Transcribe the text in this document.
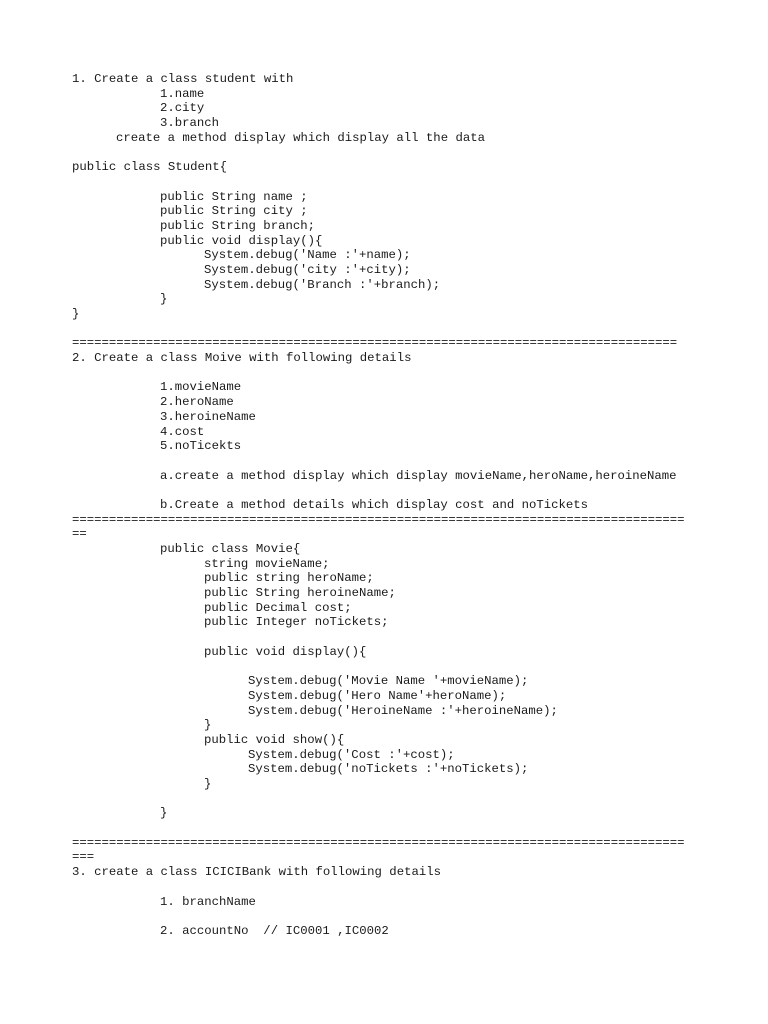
1. Create a class student with
1.name
2.city
3.branch
create a method display which display all the data
public class Student{
public String name ;
public String city ;
public String branch;
public void display(){
System.debug('Name :'+name);
System.debug('city :'+city);
System.debug('Branch :'+branch);
}
}
==================================================================================
2. Create a class Moive with following details
1.movieName
2.heroName
3.heroineName
4.cost
5.noTicekts
a.create a method display which display movieName,heroName,heroineName
b.Create a method details which display cost and noTickets
===================================================================================
==
public class Movie{
string movieName;
public string heroName;
public String heroineName;
public Decimal cost;
public Integer noTickets;
public void display(){
System.debug('Movie Name '+movieName);
System.debug('Hero Name'+heroName);
System.debug('HeroineName :'+heroineName);
}
public void show(){
System.debug('Cost :'+cost);
System.debug('noTickets :'+noTickets);
}
}
===================================================================================
===
3. create a class ICICIBank with following details
1. branchName
2. accountNo  // IC0001 ,IC0002
